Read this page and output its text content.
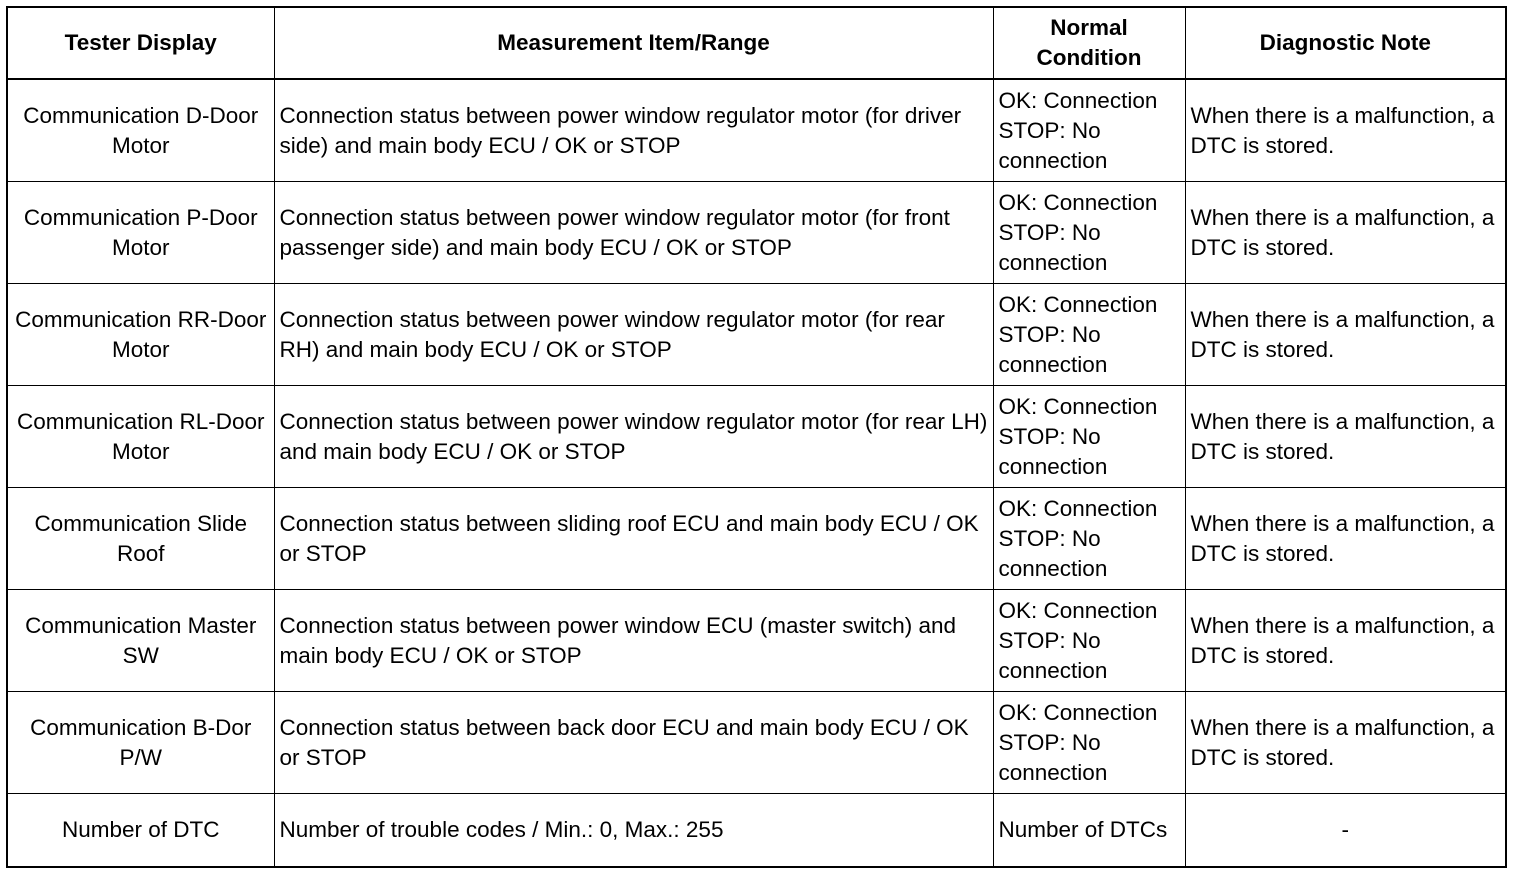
Tester Display	Measurement Item/Range	Normal Condition	Diagnostic Note
Communication D-Door Motor	Connection status between power window regulator motor (for driver side) and main body ECU / OK or STOP	OK: Connection STOP: No connection	When there is a malfunction, a DTC is stored.
Communication P-Door Motor	Connection status between power window regulator motor (for front passenger side) and main body ECU / OK or STOP	OK: Connection STOP: No connection	When there is a malfunction, a DTC is stored.
Communication RR-Door Motor	Connection status between power window regulator motor (for rear RH) and main body ECU / OK or STOP	OK: Connection STOP: No connection	When there is a malfunction, a DTC is stored.
Communication RL-Door Motor	Connection status between power window regulator motor (for rear LH) and main body ECU / OK or STOP	OK: Connection STOP: No connection	When there is a malfunction, a DTC is stored.
Communication Slide Roof	Connection status between sliding roof ECU and main body ECU / OK or STOP	OK: Connection STOP: No connection	When there is a malfunction, a DTC is stored.
Communication Master SW	Connection status between power window ECU (master switch) and main body ECU / OK or STOP	OK: Connection STOP: No connection	When there is a malfunction, a DTC is stored.
Communication B-Dor P/W	Connection status between back door ECU and main body ECU / OK or STOP	OK: Connection STOP: No connection	When there is a malfunction, a DTC is stored.
Number of DTC	Number of trouble codes / Min.: 0, Max.: 255	Number of DTCs	-
